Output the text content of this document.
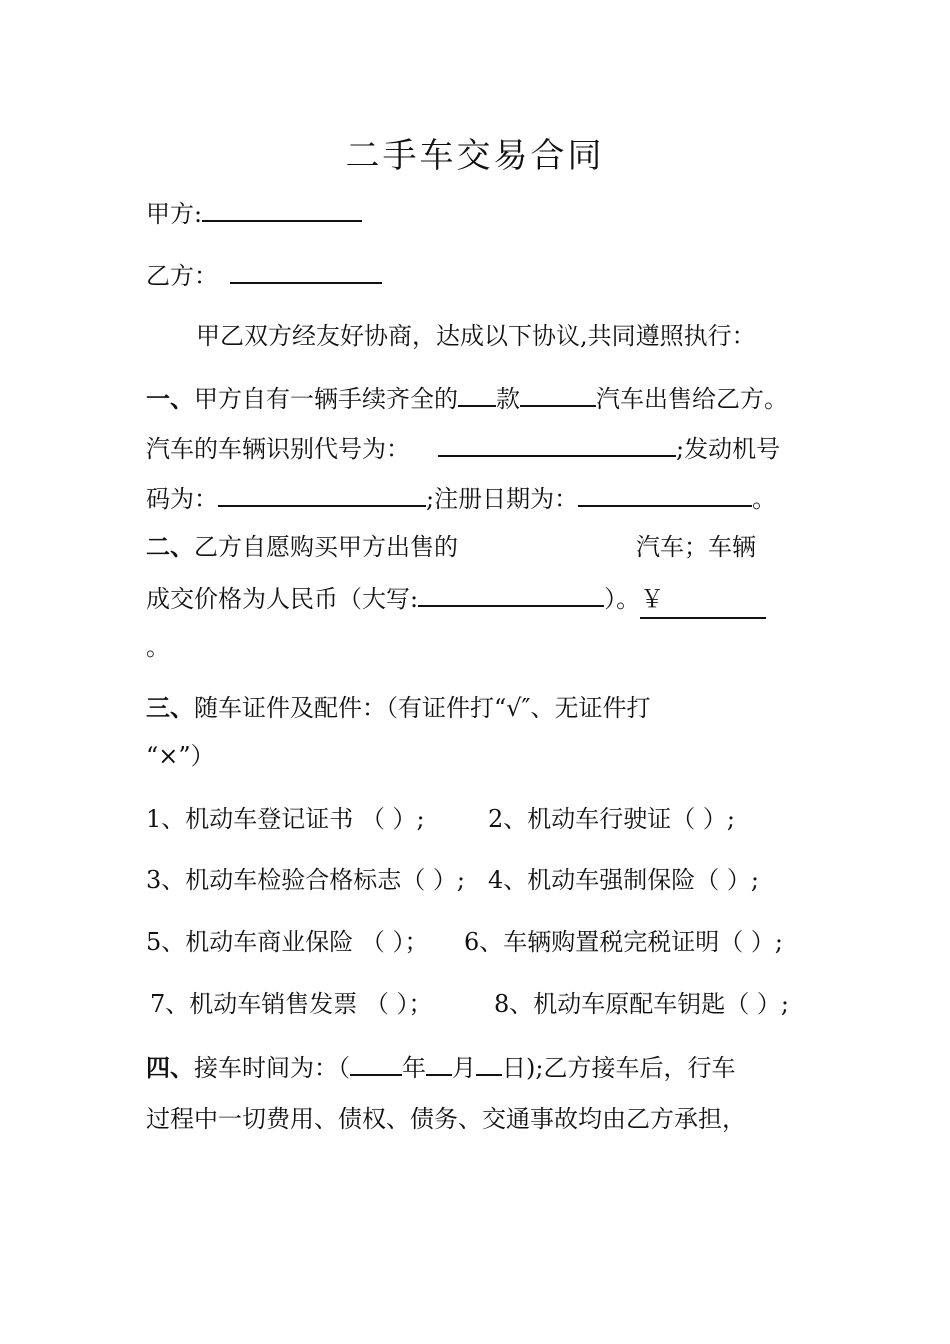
二手车交易合同
甲方:
乙方：
甲乙双方经友好协商，达成以下协议,共同遵照执行：
一、甲方自有一辆手续齐全的 款	汽车出售给乙方。
汽车的车辆识别代号为：	;发动机号
码为：	;注册日期为：	。
二、乙方自愿购买甲方出售的	汽车；车辆
成交价格为人民币（大写:	）。￥
。
三、随车证件及配件：（有证件打“√″、无证件打
“×”）
1、机动车登记证书 （ ）;	2、机动车行驶证（ ）;
3、机动车检验合格标志（ ）; 4、机动车强制保险（ ）;
5、机动车商业保险 （ ）； 6、车辆购置税完税证明（ ）;
7、机动车销售发票 （ ）；	8、机动车原配车钥匙（ ）;
四、接车时间为：（ 年 月 日);乙方接车后，行车
过程中一切费用、债权、债务、交通事故均由乙方承担，
